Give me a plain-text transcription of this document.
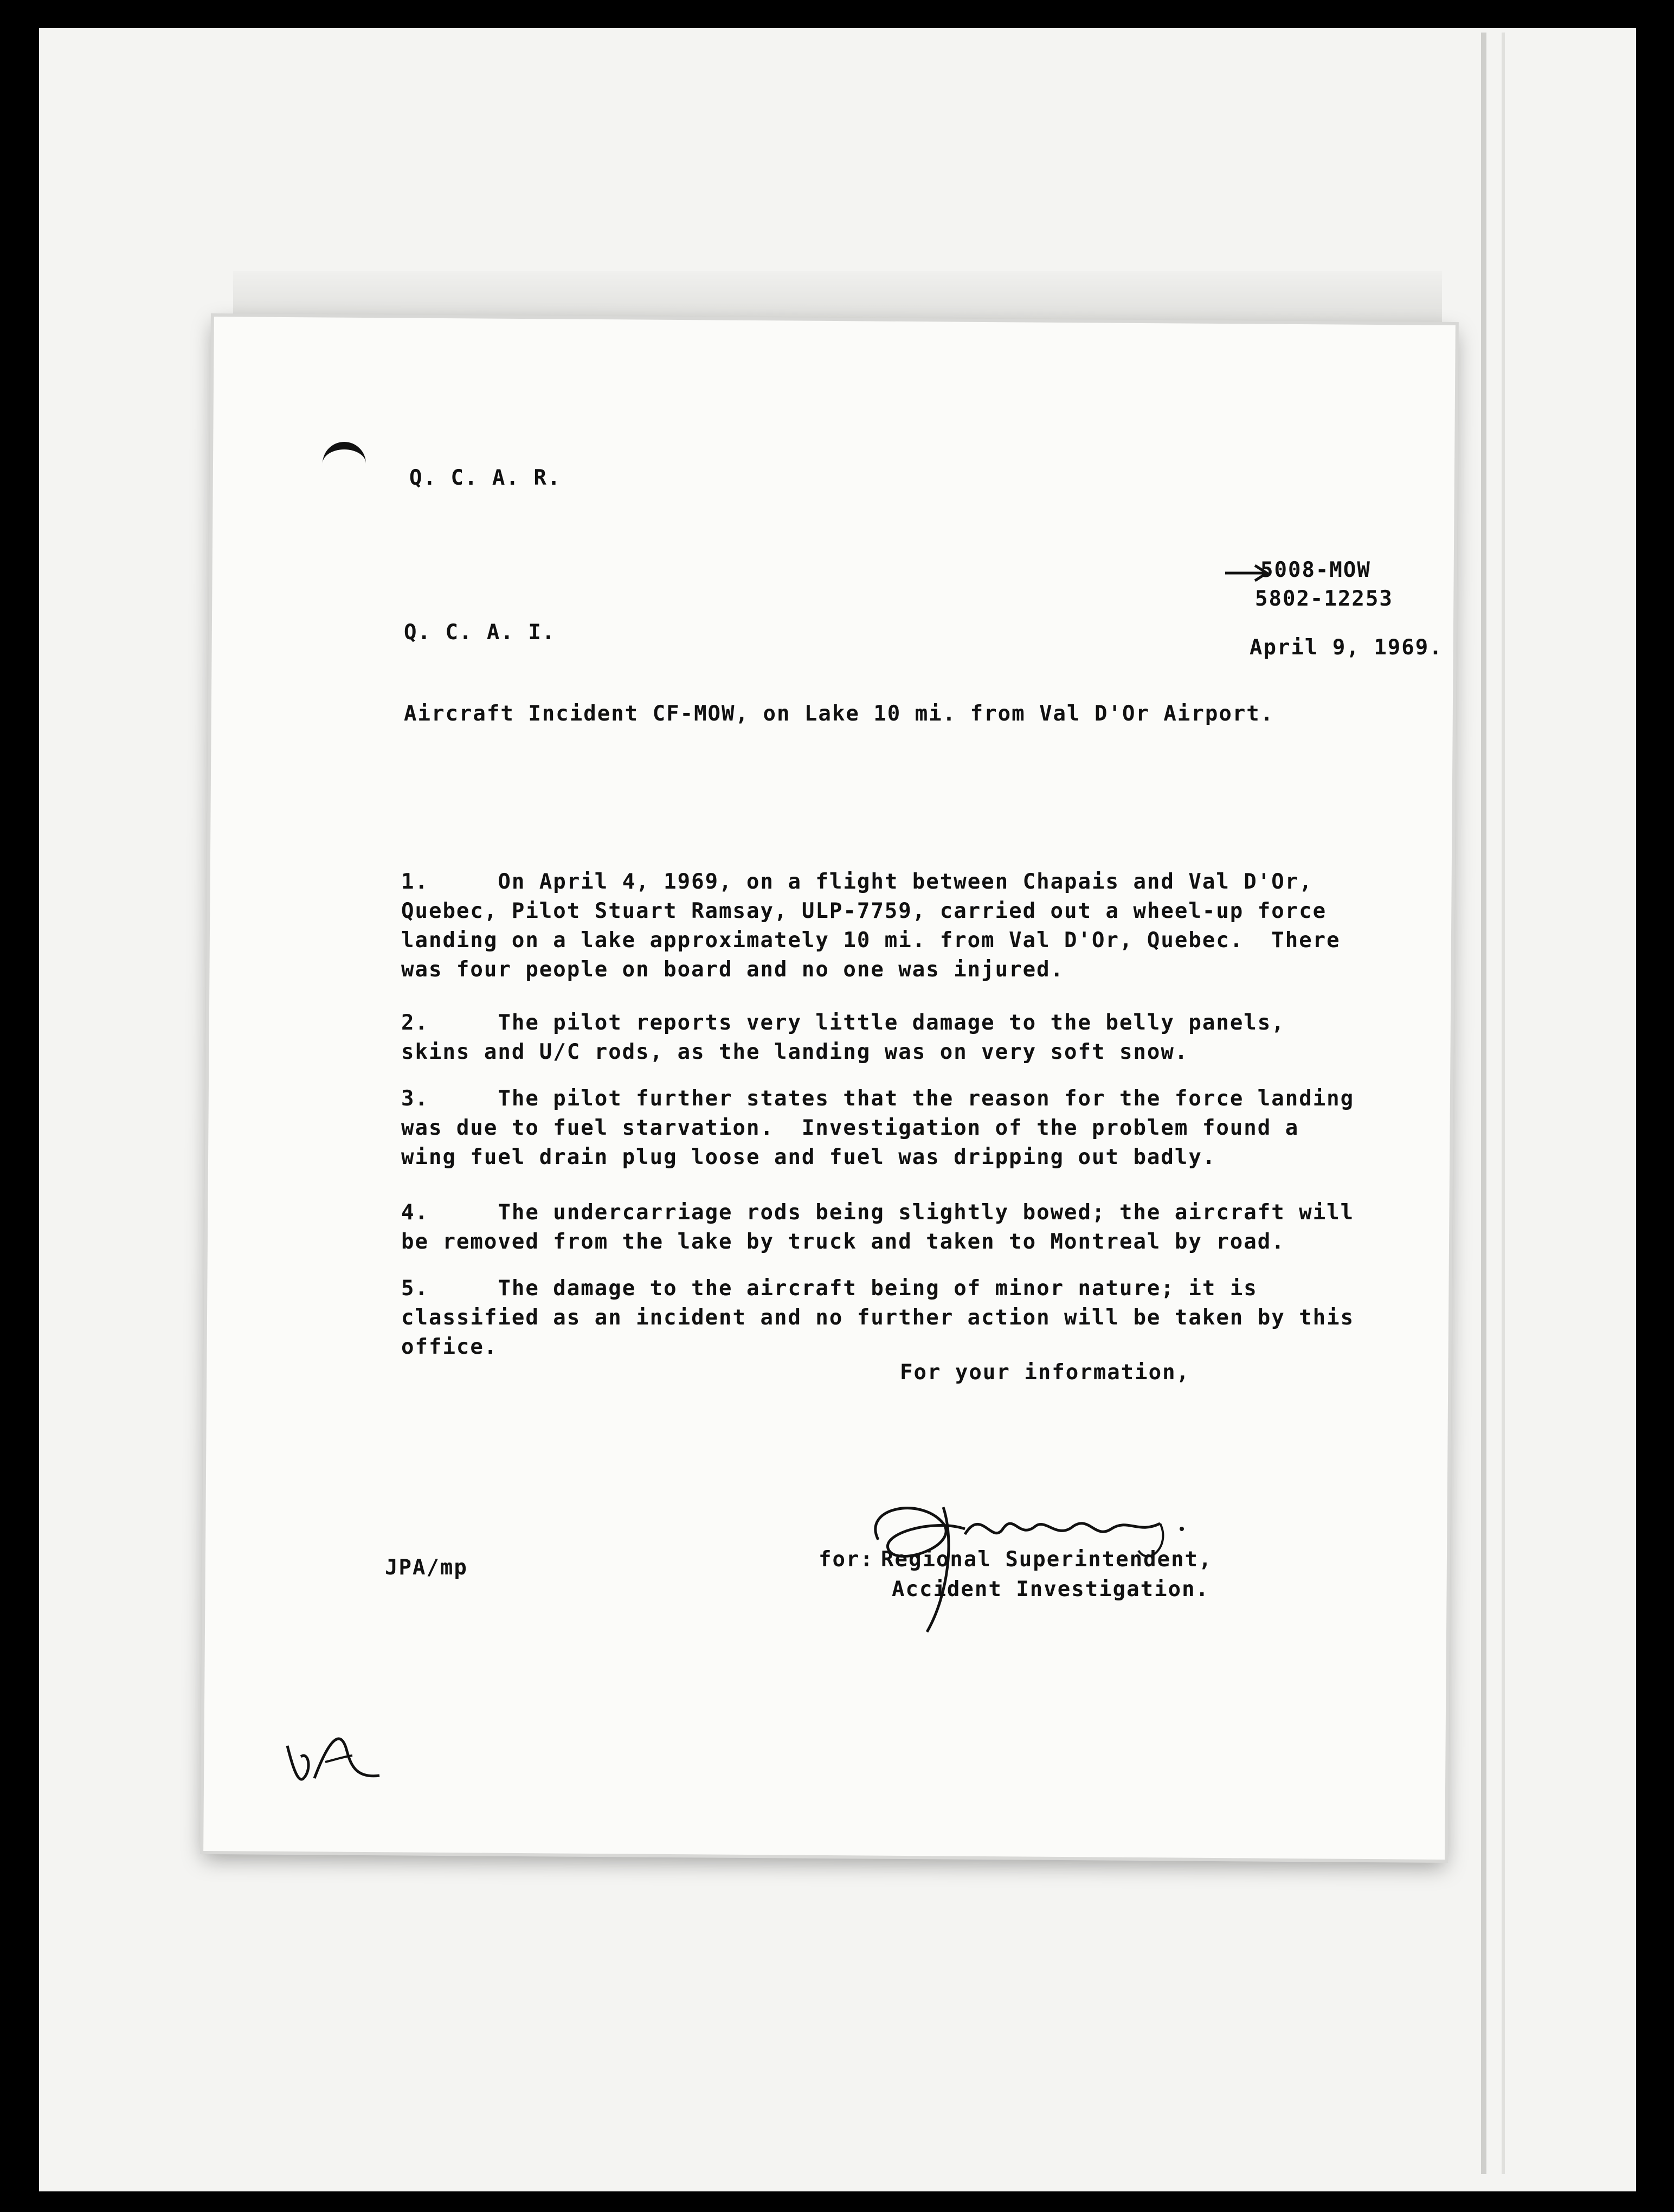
Q. C. A. R.
5008-MOW
5802-12253
Q. C. A. I.
April 9, 1969.
Aircraft Incident CF-MOW, on Lake 10 mi. from Val D'Or Airport.
1.	On April 4, 1969, on a flight between Chapais and Val D'Or,
Quebec, Pilot Stuart Ramsay, ULP-7759, carried out a wheel-up force
landing on a lake approximately 10 mi. from Val D'Or, Quebec.  There
was four people on board and no one was injured.
2.	The pilot reports very little damage to the belly panels,
skins and U/C rods, as the landing was on very soft snow.
3.	The pilot further states that the reason for the force landing
was due to fuel starvation.  Investigation of the problem found a
wing fuel drain plug loose and fuel was dripping out badly.
4.	The undercarriage rods being slightly bowed; the aircraft will
be removed from the lake by truck and taken to Montreal by road.
5.	The damage to the aircraft being of minor nature; it is
classified as an incident and no further action will be taken by this
office.
For your information,
JPA/mp	for: Regional Superintendent,
Accident Investigation.
